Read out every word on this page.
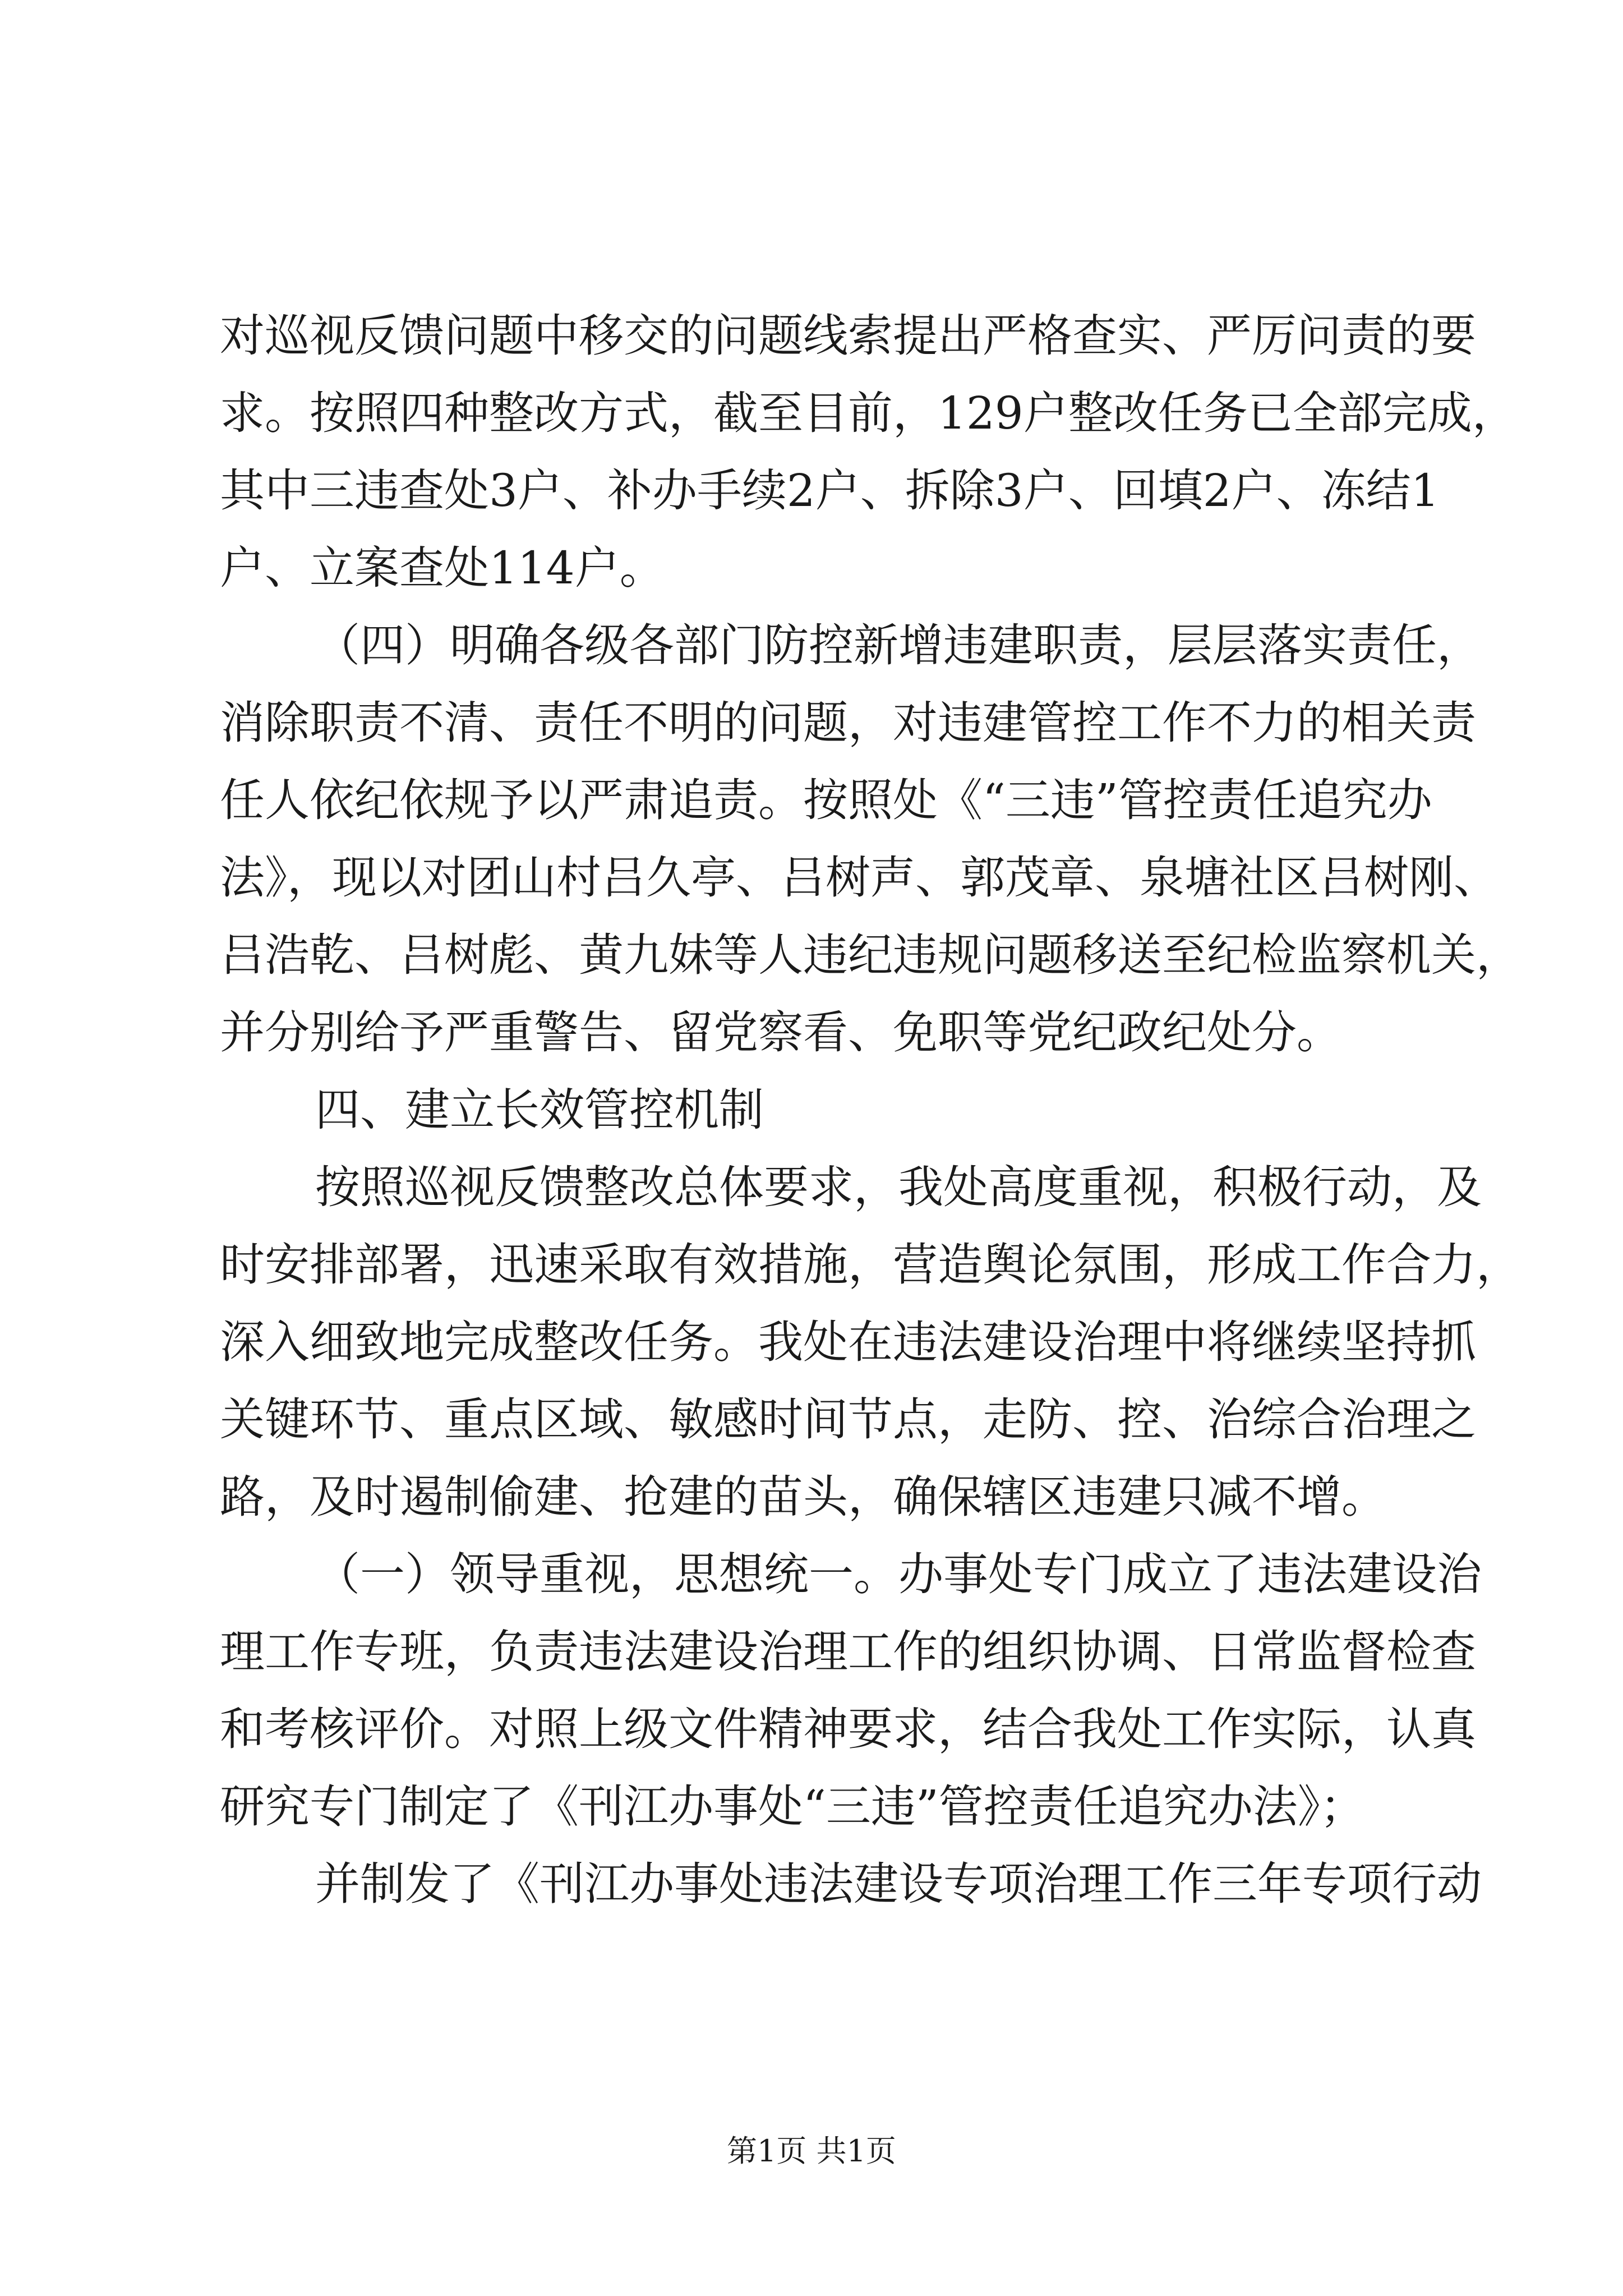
对巡视反馈问题中移交的问题线索提出严格查实、严厉问责的要
求。按照四种整改方式，截至目前，129户整改任务已全部完成，
其中三违查处3户、补办手续2户、拆除3户、回填2户、冻结1
户、立案查处114户。
（四）明确各级各部门防控新增违建职责，层层落实责任，
消除职责不清、责任不明的问题，对违建管控工作不力的相关责
任人依纪依规予以严肃追责。按照处《“三违”管控责任追究办
法》，现以对团山村吕久亭、吕树声、郭茂章、泉塘社区吕树刚、
吕浩乾、吕树彪、黄九妹等人违纪违规问题移送至纪检监察机关，
并分别给予严重警告、留党察看、免职等党纪政纪处分。
四、建立长效管控机制
按照巡视反馈整改总体要求，我处高度重视，积极行动，及
时安排部署，迅速采取有效措施，营造舆论氛围，形成工作合力，
深入细致地完成整改任务。我处在违法建设治理中将继续坚持抓
关键环节、重点区域、敏感时间节点，走防、控、治综合治理之
路，及时遏制偷建、抢建的苗头，确保辖区违建只减不增。
（一）领导重视，思想统一。办事处专门成立了违法建设治
理工作专班，负责违法建设治理工作的组织协调、日常监督检查
和考核评价。对照上级文件精神要求，结合我处工作实际，认真
研究专门制定了《刊江办事处“三违”管控责任追究办法》；
并制发了《刊江办事处违法建设专项治理工作三年专项行动
第1页 共1页
